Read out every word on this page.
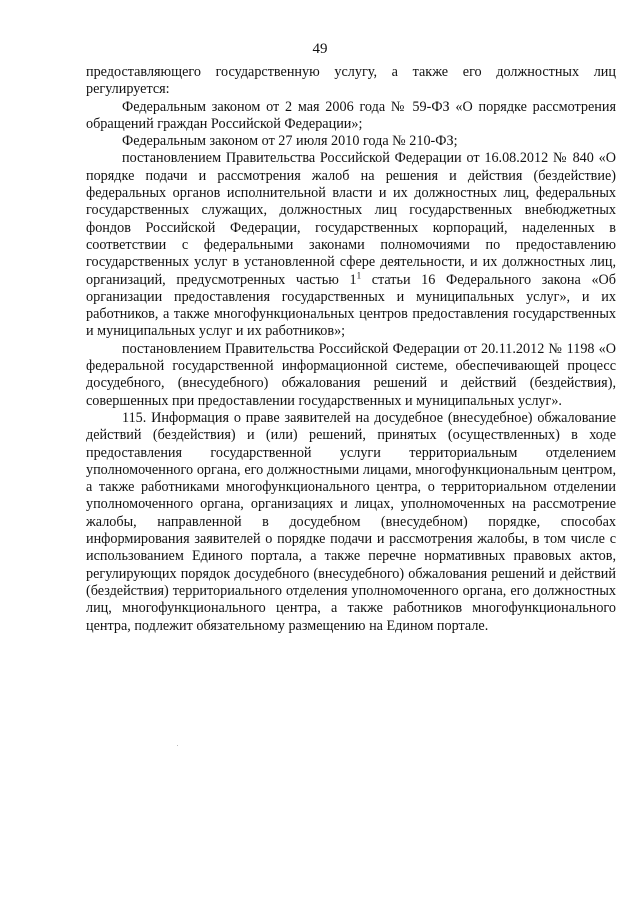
49

предоставляющего государственную услугу, а также его должностных лиц регулируется:

Федеральным законом от 2 мая 2006 года № 59-ФЗ «О порядке рассмотрения обращений граждан Российской Федерации»;

Федеральным законом от 27 июля 2010 года № 210-ФЗ;

постановлением Правительства Российской Федерации от 16.08.2012 № 840 «О порядке подачи и рассмотрения жалоб на решения и действия (бездействие) федеральных органов исполнительной власти и их должностных лиц, федеральных государственных служащих, должностных лиц государственных внебюджетных фондов Российской Федерации, государственных корпораций, наделенных в соответствии с федеральными законами полномочиями по предоставлению государственных услуг в установленной сфере деятельности, и их должностных лиц, организаций, предусмотренных частью $1^1$ статьи 16 Федерального закона «Об организации предоставления государственных и муниципальных услуг», и их работников, а также многофункциональных центров предоставления государственных и муниципальных услуг и их работников»;

постановлением Правительства Российской Федерации от 20.11.2012 № 1198 «О федеральной государственной информационной системе, обеспечивающей процесс досудебного, (внесудебного) обжалования решений и действий (бездействия), совершенных при предоставлении государственных и муниципальных услуг».

115. Информация о праве заявителей на досудебное (внесудебное) обжалование действий (бездействия) и (или) решений, принятых (осуществленных) в ходе предоставления государственной услуги территориальным отделением уполномоченного органа, его должностными лицами, многофункциональным центром, а также работниками многофункционального центра, о территориальном отделении уполномоченного органа, организациях и лицах, уполномоченных на рассмотрение жалобы, направленной в досудебном (внесудебном) порядке, способах информирования заявителей о порядке подачи и рассмотрения жалобы, в том числе с использованием Единого портала, а также перечне нормативных правовых актов, регулирующих порядок досудебного (внесудебного) обжалования решений и действий (бездействия) территориального отделения уполномоченного органа, его должностных лиц, многофункционального центра, а также работников многофункционального центра, подлежит обязательному размещению на Едином портале.
